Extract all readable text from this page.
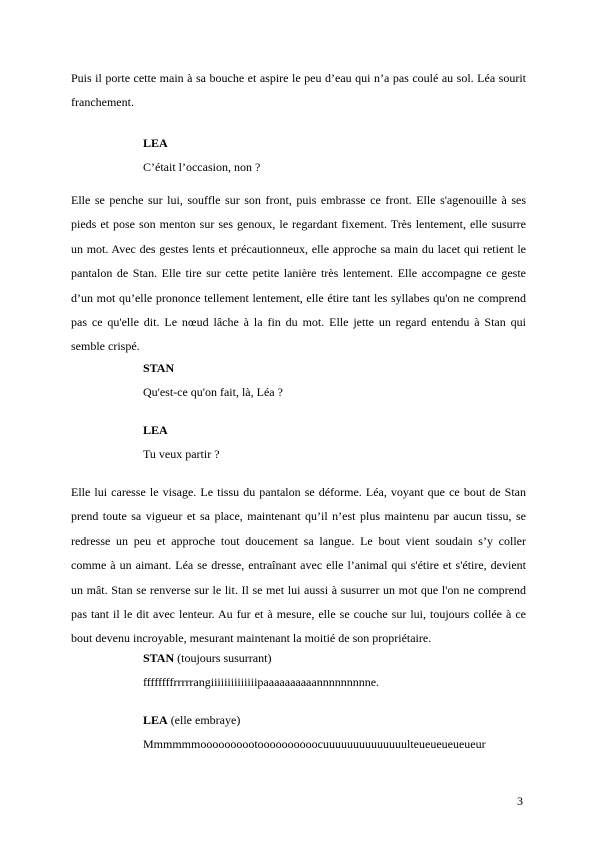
Puis il porte cette main à sa bouche et aspire le peu d’eau qui n’a pas coulé au sol. Léa sourit franchement.

LEA
C’était l’occasion, non ?

Elle se penche sur lui, souffle sur son front, puis embrasse ce front. Elle s'agenouille à ses pieds et pose son menton sur ses genoux, le regardant fixement. Très lentement, elle susurre un mot. Avec des gestes lents et précautionneux, elle approche sa main du lacet qui retient le pantalon de Stan. Elle tire sur cette petite lanière très lentement. Elle accompagne ce geste d’un mot qu’elle prononce tellement lentement, elle étire tant les syllabes qu'on ne comprend pas ce qu'elle dit. Le nœud lâche à la fin du mot. Elle jette un regard entendu à Stan qui semble crispé.

STAN
Qu'est-ce qu'on fait, là, Léa ?
LEA
Tu veux partir ?

Elle lui caresse le visage. Le tissu du pantalon se déforme. Léa, voyant que ce bout de Stan prend toute sa vigueur et sa place, maintenant qu’il n’est plus maintenu par aucun tissu, se redresse un peu et approche tout doucement sa langue. Le bout vient soudain s’y coller comme à un aimant. Léa se dresse, entraînant avec elle l’animal qui s'étire et s'étire, devient un mât. Stan se renverse sur le lit. Il se met lui aussi à susurrer un mot que l'on ne comprend pas tant il le dit avec lenteur. Au fur et à mesure, elle se couche sur lui, toujours collée à ce bout devenu incroyable, mesurant maintenant la moitié de son propriétaire.

STAN (toujours susurrant)
ffffffffrrrrrangiiiiiiiiiiiiiipaaaaaaaaaannnnnnnnne.
LEA (elle embraye)
Mmmmmmoooooooootoooooooooocuuuuuuuuuuuuuulteueueueueueur
3
